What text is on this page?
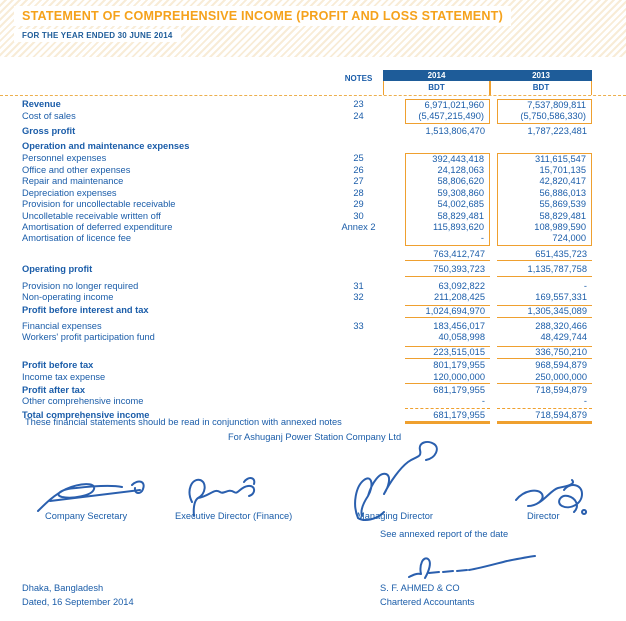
STATEMENT OF COMPREHENSIVE INCOME (PROFIT AND LOSS STATEMENT)
FOR THE YEAR ENDED 30 JUNE 2014
NOTES	2014
BDT
2013
BDT
Revenue	23	6,971,021,960	7,537,809,811
Cost of sales	24	(5,457,215,490)	(5,750,586,330)
Gross profit	1,513,806,470	1,787,223,481
Operation and maintenance expenses
Personnel expenses	25	392,443,418	311,615,547
Office and other expenses	26	24,128,063	15,701,135
Repair and maintenance	27	58,806,620	42,820,417
Depreciation expenses	28	59,308,860	56,886,013
Provision for uncollectable receivable	29	54,002,685	55,869,539
Uncolletable receivable written off	30	58,829,481	58,829,481
Amortisation of deferred expenditure	Annex 2	115,893,620	108,989,590
Amortisation of licence fee	-	724,000
763,412,747	651,435,723
Operating profit	750,393,723	1,135,787,758
Provision no longer required	31	63,092,822	-
Non-operating income	32	211,208,425	169,557,331
Profit before interest and tax	1,024,694,970	1,305,345,089
Financial expenses	33	183,456,017	288,320,466
Workers' profit participation fund	40,058,998	48,429,744
223,515,015	336,750,210
Profit before tax	801,179,955	968,594,879
Income tax expense	120,000,000	250,000,000
Profit after tax	681,179,955	718,594,879
Other comprehensive income	-	-
Total comprehensive income	681,179,955	718,594,879
These financial statements should be read in conjunction with annexed notes
For Ashuganj Power Station Company Ltd
Company Secretary	Executive Director (Finance)	Managing Director	Director
See annexed report of the date
S. F. AHMED & CO
Chartered Accountants
Dhaka, Bangladesh
Dated, 16 September 2014
